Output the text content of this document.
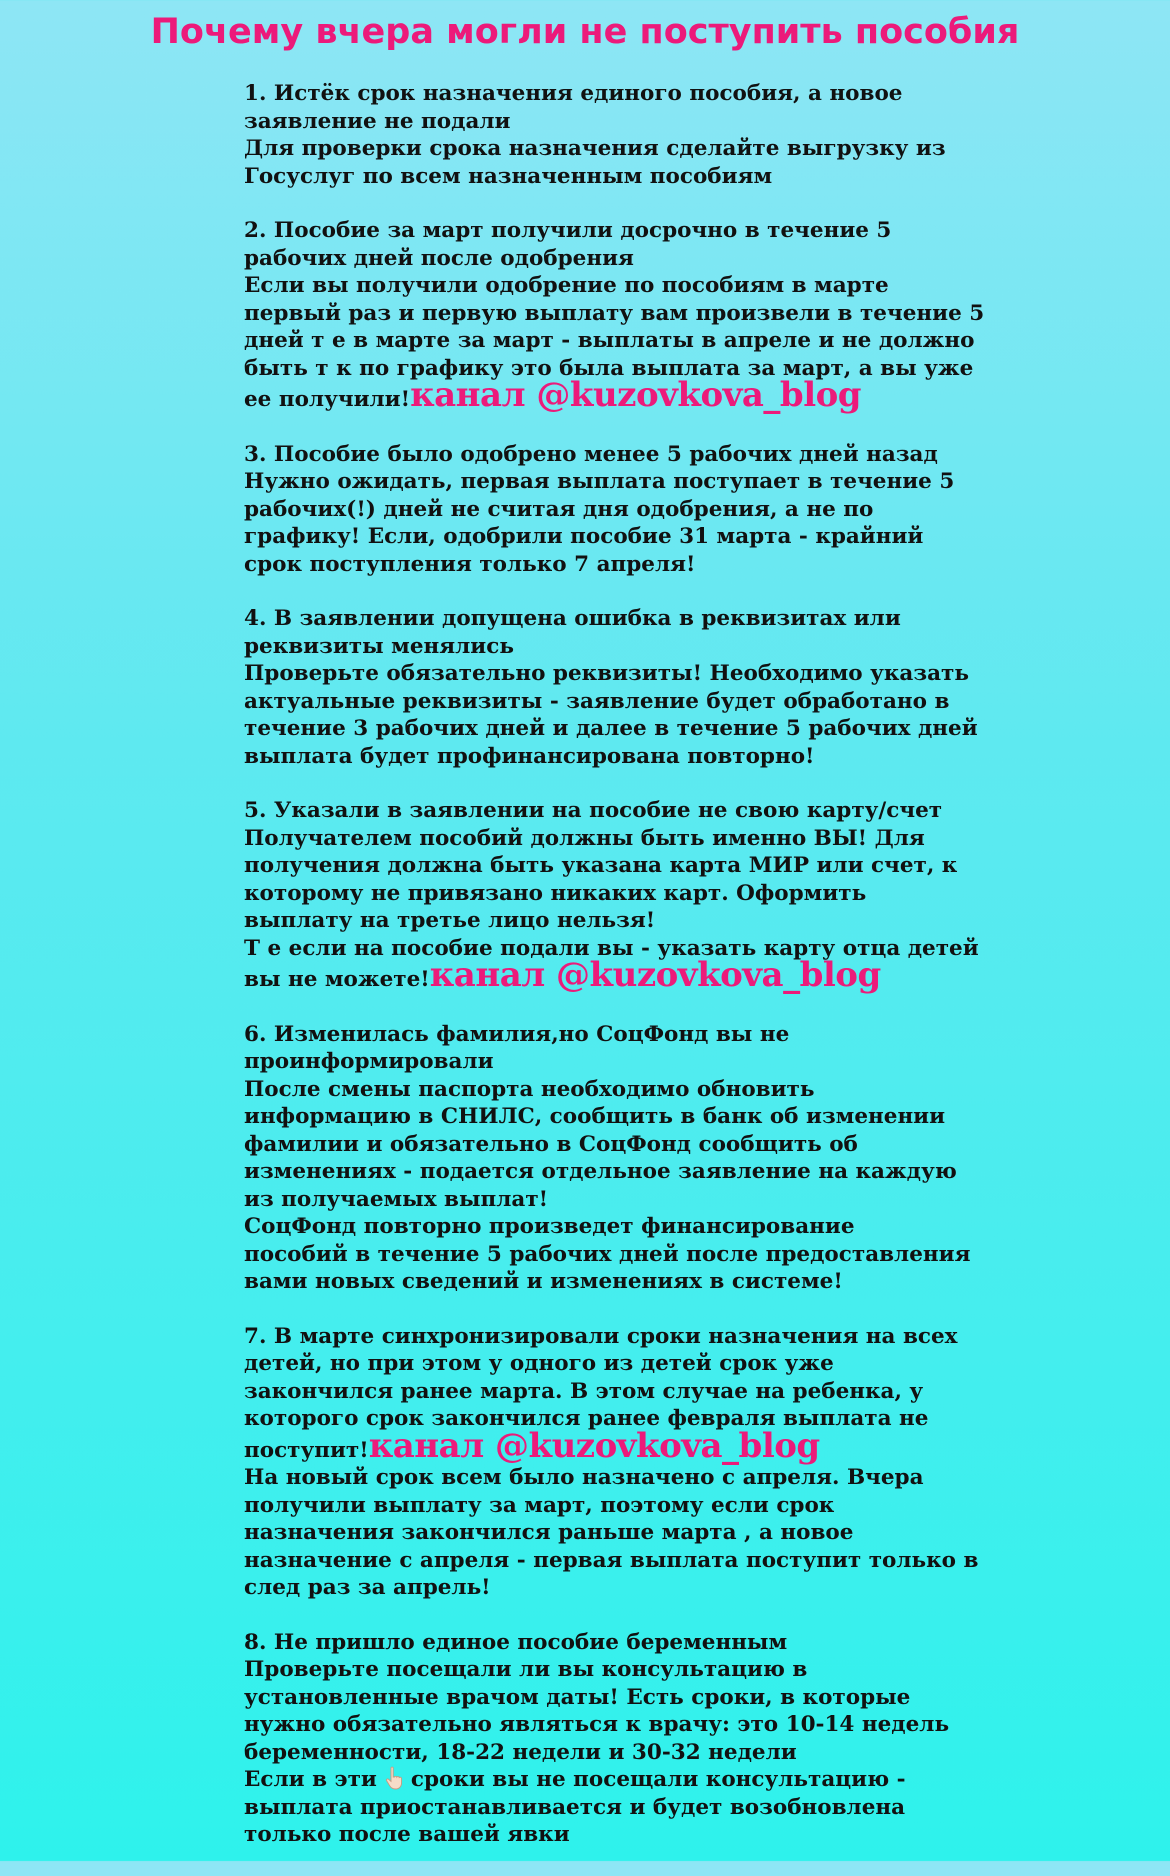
Почему вчера могли не поступить пособия
1. Истёк срок назначения единого пособия, а новое
заявление не подали
Для проверки срока назначения сделайте выгрузку из
Госуслуг по всем назначенным пособиям
2. Пособие за март получили досрочно в течение 5
рабочих дней после одобрения
Если вы получили одобрение по пособиям в марте
первый раз и первую выплату вам произвели в течение 5
дней т е в марте за март - выплаты в апреле и не должно
быть т к по графику это была выплата за март, а вы уже
ее получили!канал @kuzovkova_blog
3. Пособие было одобрено менее 5 рабочих дней назад
Нужно ожидать, первая выплата поступает в течение 5
рабочих(!) дней не считая дня одобрения, а не по
графику! Если, одобрили пособие 31 марта - крайний
срок поступления только 7 апреля!
4. В заявлении допущена ошибка в реквизитах или
реквизиты менялись
Проверьте обязательно реквизиты! Необходимо указать
актуальные реквизиты - заявление будет обработано в
течение 3 рабочих дней и далее в течение 5 рабочих дней
выплата будет профинансирована повторно!
5. Указали в заявлении на пособие не свою карту/счет
Получателем пособий должны быть именно ВЫ! Для
получения должна быть указана карта МИР или счет, к
которому не привязано никаких карт. Оформить
выплату на третье лицо нельзя!
Т е если на пособие подали вы - указать карту отца детей
вы не можете!канал @kuzovkova_blog
6. Изменилась фамилия,но СоцФонд вы не
проинформировали
После смены паспорта необходимо обновить
информацию в СНИЛС, сообщить в банк об изменении
фамилии и обязательно в СоцФонд сообщить об
изменениях - подается отдельное заявление на каждую
из получаемых выплат!
СоцФонд повторно произведет финансирование
пособий в течение 5 рабочих дней после предоставления
вами новых сведений и изменениях в системе!
7. В марте синхронизировали сроки назначения на всех
детей, но при этом у одного из детей срок уже
закончился ранее марта. В этом случае на ребенка, у
которого срок закончился ранее февраля выплата не
поступит!канал @kuzovkova_blog
На новый срок всем было назначено с апреля. Вчера
получили выплату за март, поэтому если срок
назначения закончился раньше марта , а новое
назначение с апреля - первая выплата поступит только в
след раз за апрель!
8. Не пришло единое пособие беременным
Проверьте посещали ли вы консультацию в
установленные врачом даты! Есть сроки, в которые
нужно обязательно являться к врачу: это 10-14 недель
беременности, 18-22 недели и 30-32 недели
Если в эти сроки вы не посещали консультацию -
выплата приостанавливается и будет возобновлена
только после вашей явки
